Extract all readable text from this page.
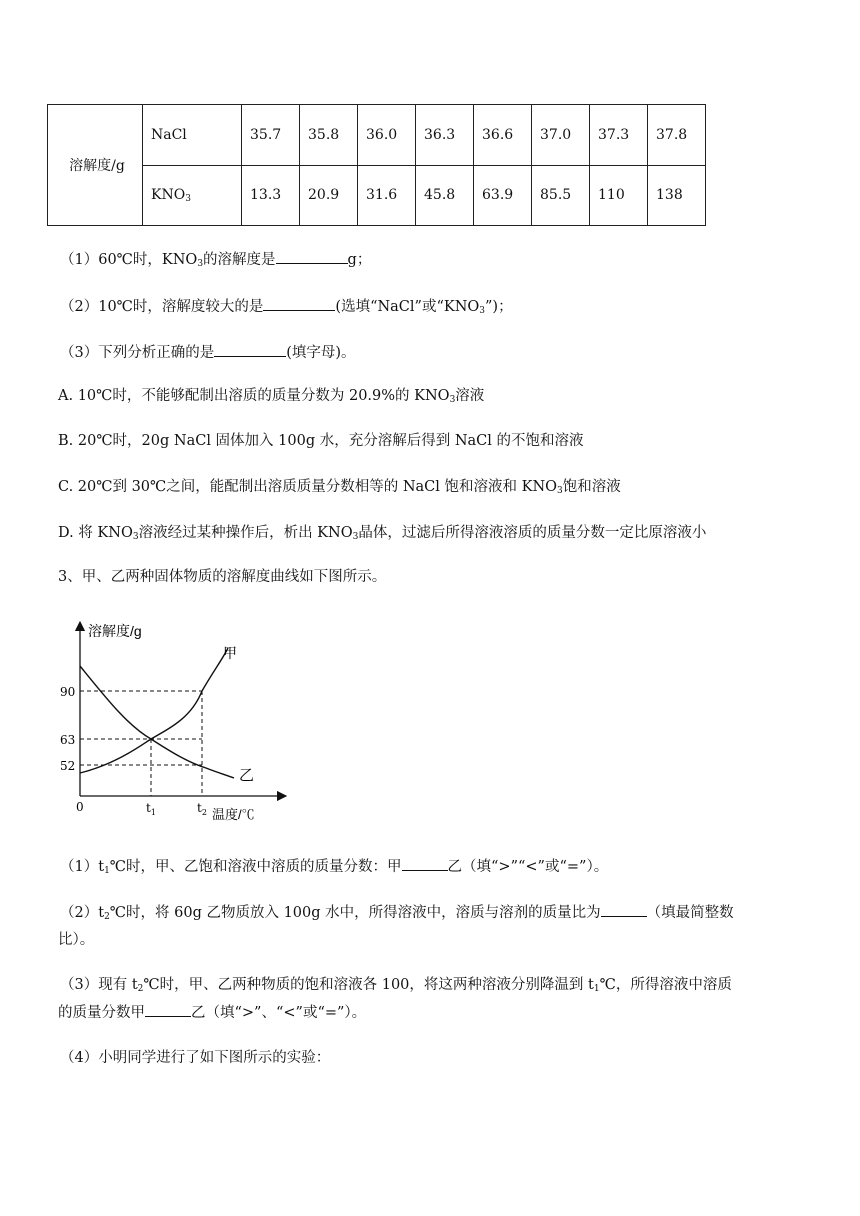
溶解度/g	NaCl	35.7	35.8	36.0	36.3	36.6	37.0	37.3	37.8
	$KNO_3$	13.3	20.9	31.6	45.8	63.9	85.5	110	138
（1）60℃时，$KNO_3$的溶解度是	g；
（2）10℃时，溶解度较大的是	(选填“NaCl”或“$KNO_3$”)；
（3）下列分析正确的是	(填字母)。
A. 10℃时，不能够配制出溶质的质量分数为 20.9%的 $KNO_3$溶液
B. 20℃时，20g NaCl 固体加入 100g 水，充分溶解后得到 NaCl 的不饱和溶液
C. 20℃到 30℃之间，能配制出溶质质量分数相等的 NaCl 饱和溶液和 $KNO_3$饱和溶液
D. 将 $KNO_3$溶液经过某种操作后，析出 $KNO_3$晶体，过滤后所得溶液溶质的质量分数一定比原溶液小
3、甲、乙两种固体物质的溶解度曲线如下图所示。
溶解度/g
甲
乙
90
63
52
0	$t_1$	$t_2$ 温度/℃
$(1)t_1℃$时，甲、乙饱和溶液中溶质的质量分数：甲	乙（填“>”“<”或“=”）。
$(2)t_2℃$时，将 60g 乙物质放入 100g 水中，所得溶液中，溶质与溶剂的质量比为	（填最简整数
比）。
（3）现有 $t_2℃$时，甲、乙两种物质的饱和溶液各 100，将这两种溶液分别降温到 $t_1℃$，所得溶液中溶质
的质量分数甲	乙（填“>”、“<”或“=”）。
（4）小明同学进行了如下图所示的实验：
